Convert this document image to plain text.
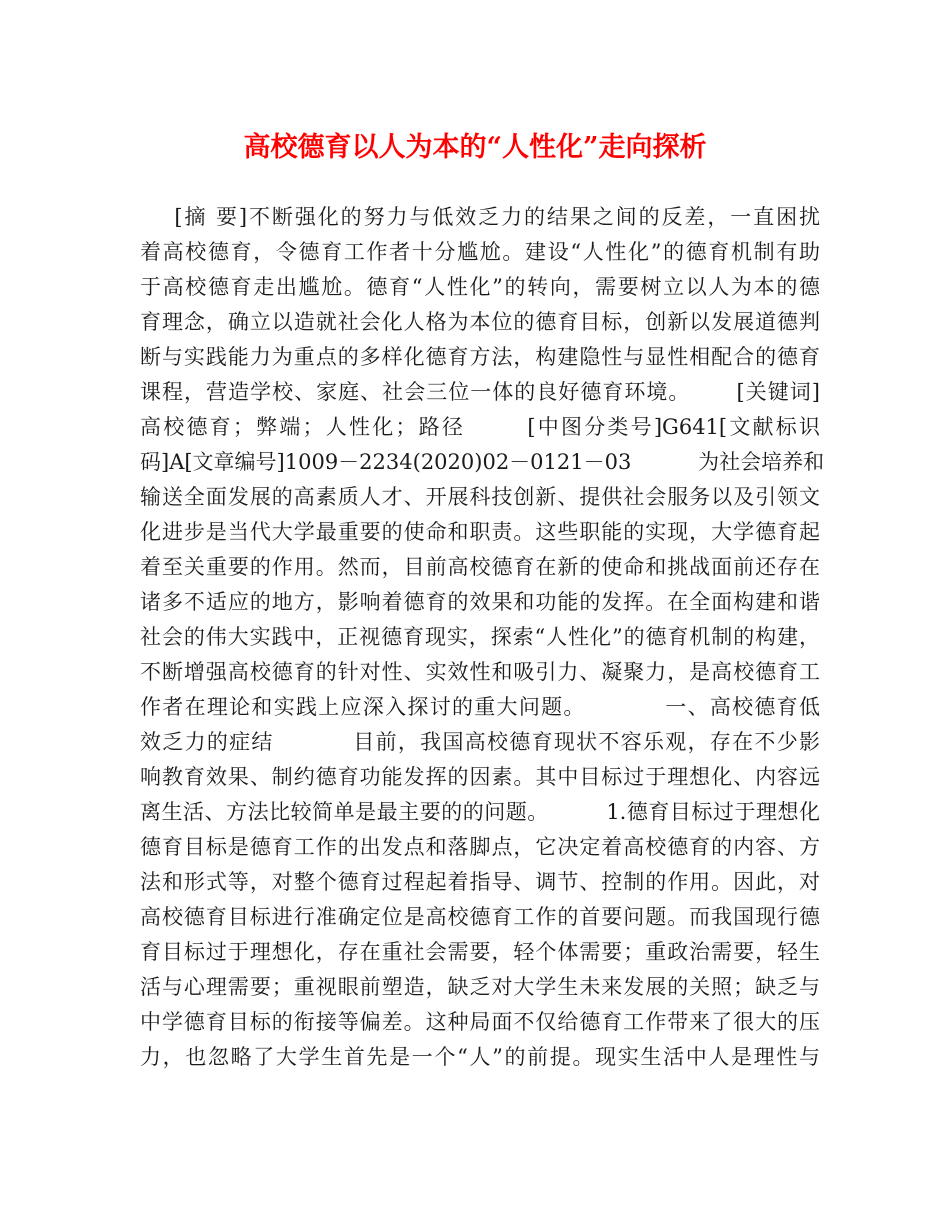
高校德育以人为本的“人性化”走向探析
[摘 要]不断强化的努力与低效乏力的结果之间的反差，一直困扰
着高校德育，令德育工作者十分尴尬。建设“人性化”的德育机制有助
于高校德育走出尴尬。德育“人性化”的转向，需要树立以人为本的德
育理念，确立以造就社会化人格为本位的德育目标，创新以发展道德判
断与实践能力为重点的多样化德育方法，构建隐性与显性相配合的德育
课程，营造学校、家庭、社会三位一体的良好德育环境。      [关键词]
高校德育；弊端；人性化；路径       [中图分类号]G641[文献标识
码]A[文章编号]1009－2234(2020)02－0121－03          为社会培养和
输送全面发展的高素质人才、开展科技创新、提供社会服务以及引领文
化进步是当代大学最重要的使命和职责。这些职能的实现，大学德育起
着至关重要的作用。然而，目前高校德育在新的使命和挑战面前还存在
诸多不适应的地方，影响着德育的效果和功能的发挥。在全面构建和谐
社会的伟大实践中，正视德育现实，探索“人性化”的德育机制的构建，
不断增强高校德育的针对性、实效性和吸引力、凝聚力，是高校德育工
作者在理论和实践上应深入探讨的重大问题。          一、高校德育低
效乏力的症结          目前，我国高校德育现状不容乐观，存在不少影
响教育效果、制约德育功能发挥的因素。其中目标过于理想化、内容远
离生活、方法比较简单是最主要的的问题。        1.德育目标过于理想化
德育目标是德育工作的出发点和落脚点，它决定着高校德育的内容、方
法和形式等，对整个德育过程起着指导、调节、控制的作用。因此，对
高校德育目标进行准确定位是高校德育工作的首要问题。而我国现行德
育目标过于理想化，存在重社会需要，轻个体需要；重政治需要，轻生
活与心理需要；重视眼前塑造，缺乏对大学生未来发展的关照；缺乏与
中学德育目标的衔接等偏差。这种局面不仅给德育工作带来了很大的压
力，也忽略了大学生首先是一个“人”的前提。现实生活中人是理性与
